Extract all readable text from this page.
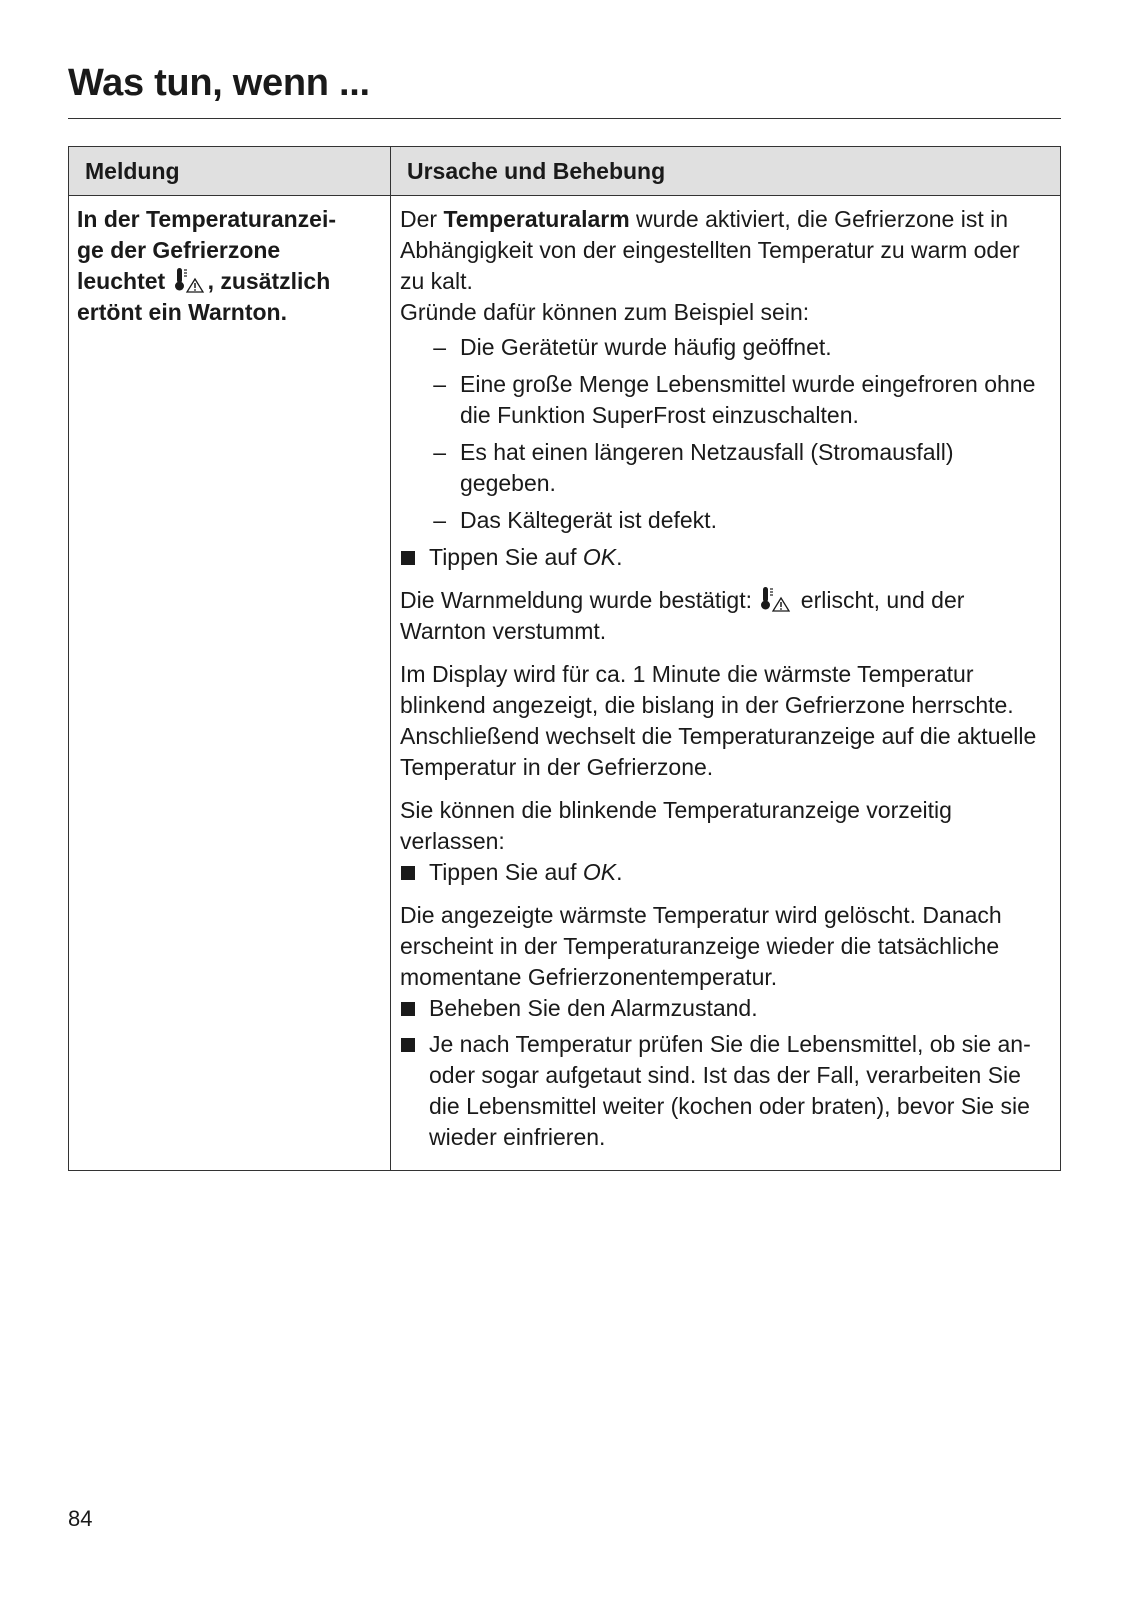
Was tun, wenn ...
Meldung	Ursache und Behebung
In der Temperaturanzei-
ge der Gefrierzone
leuchtet , zusätzlich
ertönt ein Warnton.

Der Temperaturalarm wurde aktiviert, die Gefrierzone ist in Abhängigkeit von der eingestellten Temperatur zu warm oder zu kalt.

Gründe dafür können zum Beispiel sein:

– Die Gerätetür wurde häufig geöffnet.
– Eine große Menge Lebensmittel wurde eingefroren ohne die Funktion SuperFrost einzuschalten.
– Es hat einen längeren Netzausfall (Stromausfall) gegeben.
– Das Kältegerät ist defekt.
Tippen Sie auf OK.

Die Warnmeldung wurde bestätigt:  erlischt, und der Warnton verstummt.

Im Display wird für ca. 1 Minute die wärmste Temperatur blinkend angezeigt, die bislang in der Gefrierzone herrschte. Anschließend wechselt die Temperaturanzeige auf die aktuelle Temperatur in der Gefrierzone.

Sie können die blinkende Temperaturanzeige vorzeitig verlassen:

Tippen Sie auf OK.

Die angezeigte wärmste Temperatur wird gelöscht. Danach erscheint in der Temperaturanzeige wieder die tatsächliche momentane Gefrierzonentemperatur.

Beheben Sie den Alarmzustand.
Je nach Temperatur prüfen Sie die Lebensmittel, ob sie an- oder sogar aufgetaut sind. Ist das der Fall, verarbeiten Sie die Lebensmittel weiter (kochen oder braten), bevor Sie sie wieder einfrieren.
84
